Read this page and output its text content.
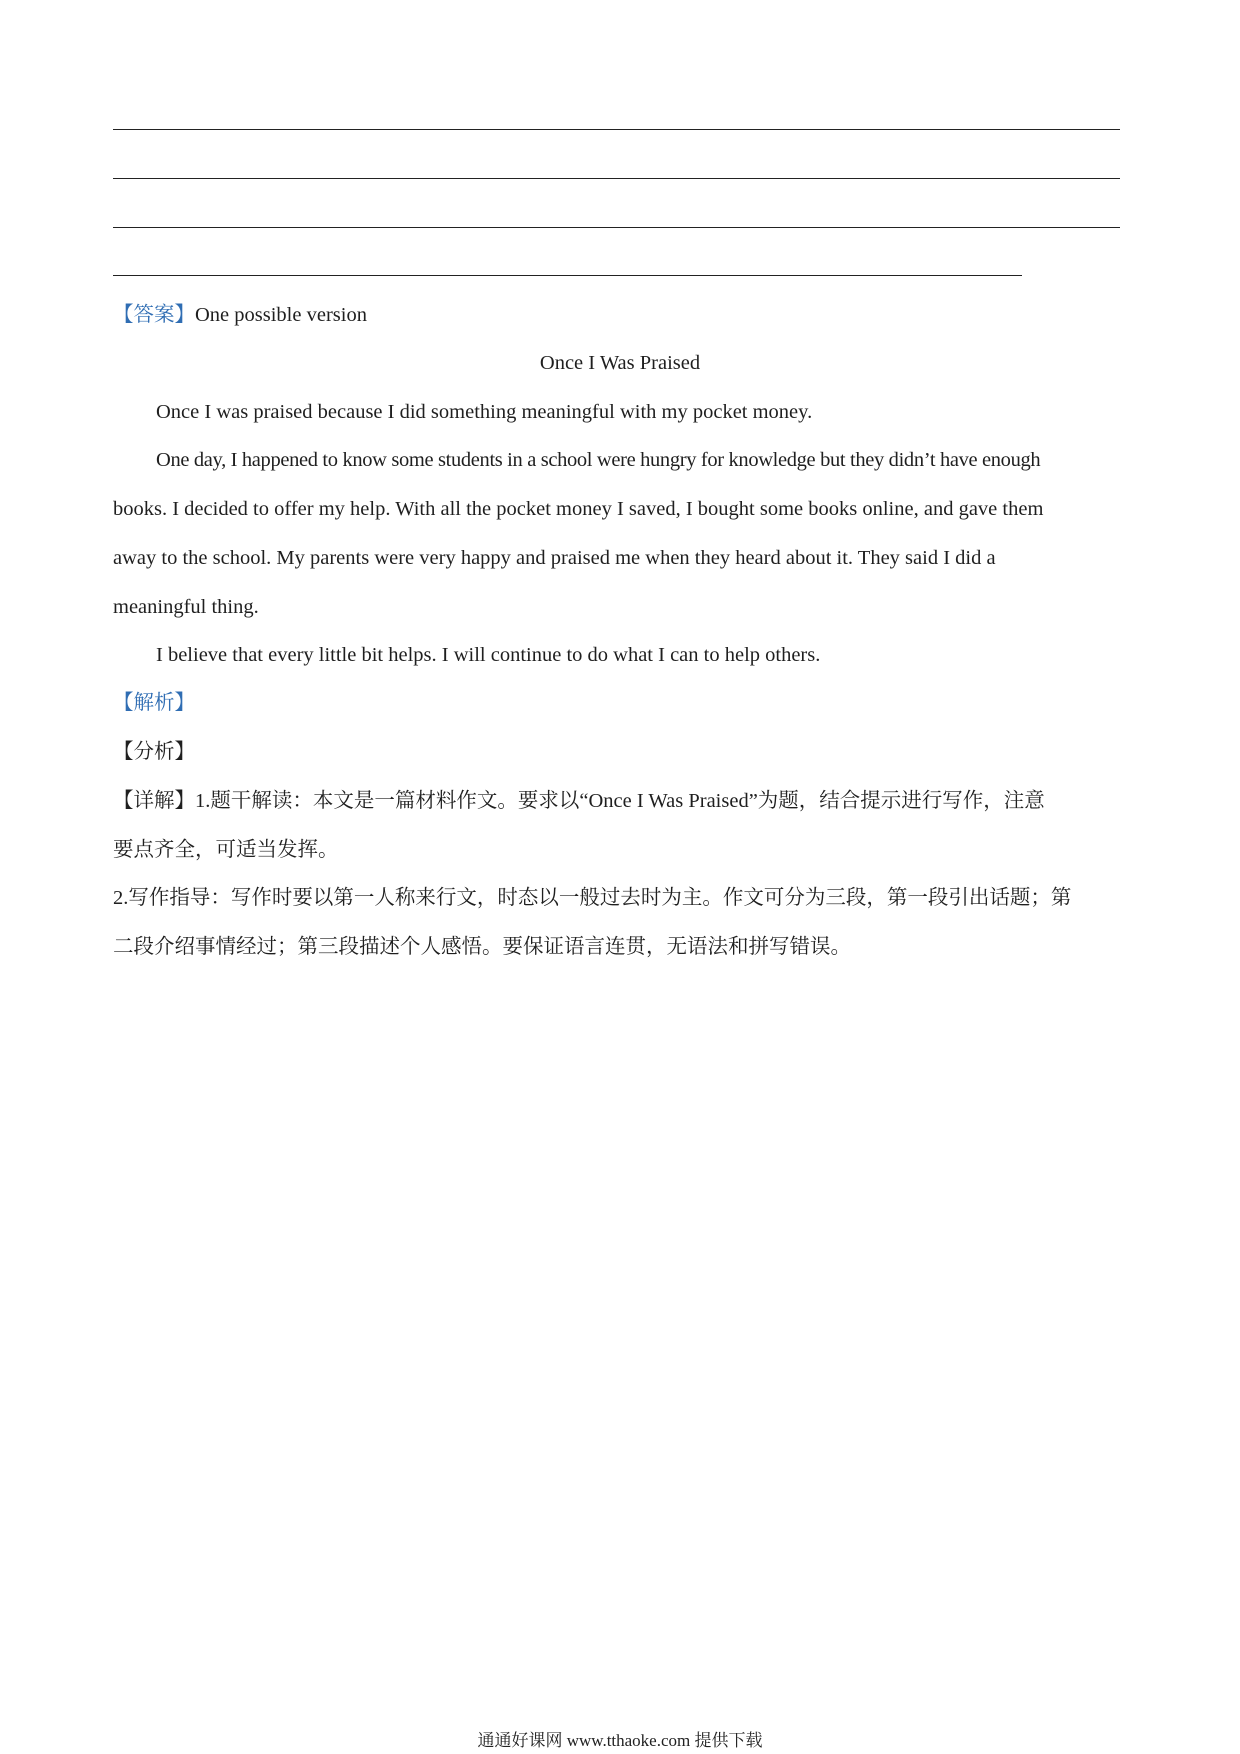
【答案】One possible version
Once I Was Praised
Once I was praised because I did something meaningful with my pocket money.
One day, I happened to know some students in a school were hungry for knowledge but they didn’t have enough
books. I decided to offer my help. With all the pocket money I saved, I bought some books online, and gave them
away to the school. My parents were very happy and praised me when they heard about it. They said I did a
meaningful thing.
I believe that every little bit helps. I will continue to do what I can to help others.
【解析】
【分析】
【详解】1.题干解读：本文是一篇材料作文。要求以“Once I Was Praised”为题，结合提示进行写作，注意
要点齐全，可适当发挥。
2.写作指导：写作时要以第一人称来行文，时态以一般过去时为主。作文可分为三段，第一段引出话题；第
二段介绍事情经过；第三段描述个人感悟。要保证语言连贯，无语法和拼写错误。
通通好课网 www.tthaoke.com 提供下载
